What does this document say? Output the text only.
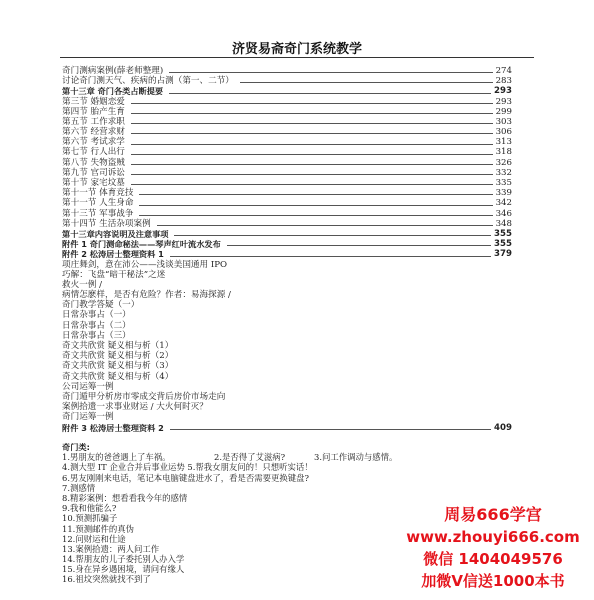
济贤易斋奇门系统教学
奇门测病案例(薛老师整理)	274
讨论奇门测天气、疾病的占测（第一、二节）	283
第十三章 奇门各类占断提要	293
第三节 婚姻恋爱	293
第四节 胎产生育	299
第五节 工作求职	303
第六节 经营求财	306
第六节 考试求学	313
第七节 行人出行	318
第八节 失物盗贼	326
第九节 官司诉讼	332
第十节 家宅坟墓	335
第十一节 体育竞技	339
第十一节 人生身命	342
第十三节 军事战争	346
第十四节 生活杂项案例	348
第十三章内容说明及注意事项	355
附件 1 奇门测命秘法——琴声红叶流水发布	355
附件 2 松涛居士整理资料 1	379
项庄舞剑，意在沛公——浅谈美国通用 IPO
巧解：飞盘“暗干秘法”之迷
救火一例 /
病情怎麽样，是否有危险？作者：易海探源 /
奇门教学答疑（一）
日常杂事占（一）
日常杂事占（二）
日常杂事占（三）
奇文共欣赏 疑义相与析（1）
奇文共欣赏 疑义相与析（2）
奇文共欣赏 疑义相与析（3）
奇文共欣赏 疑义相与析（4）
公司运筹一例
奇门遁甲分析房市零成交背后房价市场走向
案例拾遗一求事业财运 / 大火何时灭？
奇门运筹一例
附件 3 松涛居士整理资料 2	409
奇门类:
1.男朋友的爸爸遇上了车祸。	2.是否得了艾滋病?	3.问工作调动与感情。
4.测大型 IT 企业合并后事业运势 5.帮我女朋友问的！只想听实话！
6.男友刚刚来电话，笔记本电脑键盘进水了，看是否需要更换键盘?
7.测感情
8.精彩案例：想看看我今年的感情
9.我和他能么?
10.预测抓骗子
11.预测邮件的真伪
12.问财运和仕途
13.案例拾遗：两人问工作
14.帮朋友的儿子委托别人办入学
15.身在异乡遇困境，请问有缘人
16.祖坟突然就找不到了
周易666学宫
www.zhouyi666.com
微信 1404049576
加微V信送1000本书
